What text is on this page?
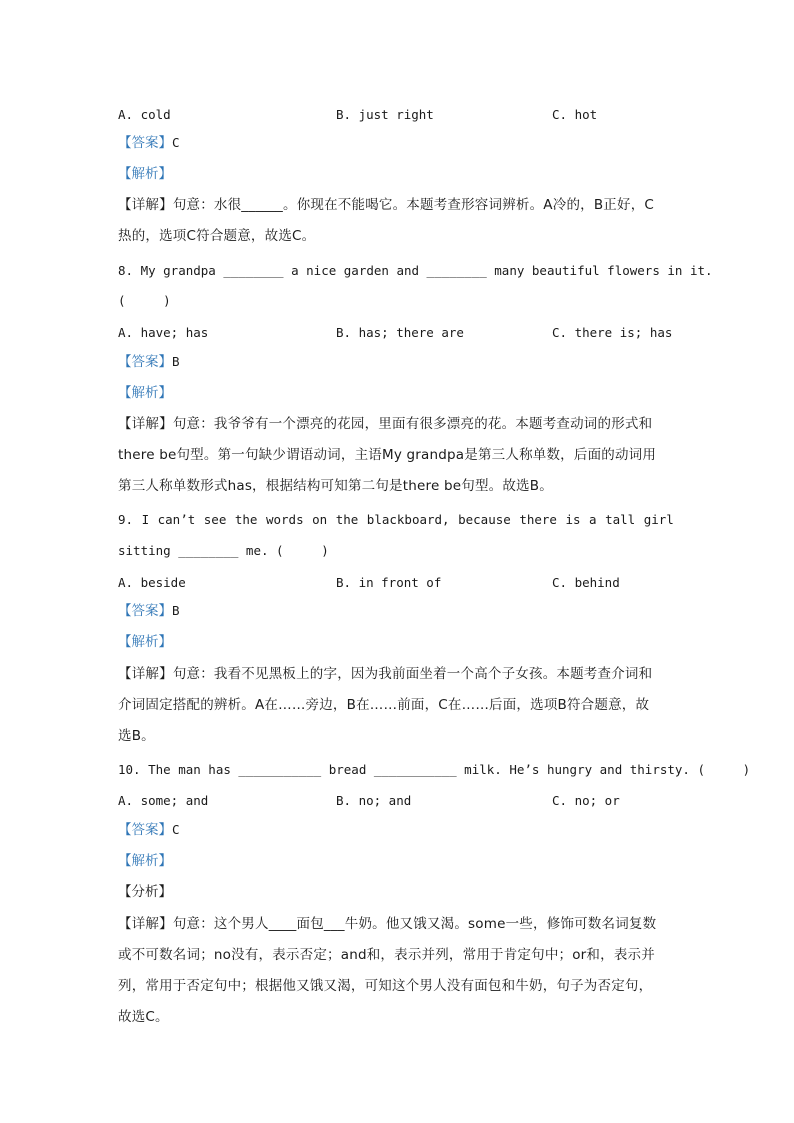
A. cold	B. just right	C. hot
【答案】C
【解析】
【详解】句意：水很______。你现在不能喝它。本题考查形容词辨析。A冷的，B正好，C
热的，选项C符合题意，故选C。
8. My grandpa ________ a nice garden and ________ many beautiful flowers in it.
(     )
A. have; has	B. has; there are	C. there is; has
【答案】B
【解析】
【详解】句意：我爷爷有一个漂亮的花园，里面有很多漂亮的花。本题考查动词的形式和
there be句型。第一句缺少谓语动词，主语My grandpa是第三人称单数，后面的动词用
第三人称单数形式has，根据结构可知第二句是there be句型。故选B。
9. I can’t see the words on the blackboard, because there is a tall girl
sitting ________ me. (     )
A. beside	B. in front of	C. behind
【答案】B
【解析】
【详解】句意：我看不见黑板上的字，因为我前面坐着一个高个子女孩。本题考查介词和
介词固定搭配的辨析。A在……旁边，B在……前面，C在……后面，选项B符合题意，故
选B。
10. The man has ___________ bread ___________ milk. He’s hungry and thirsty. (     )
A. some; and	B. no; and	C. no; or
【答案】C
【解析】
【分析】
【详解】句意：这个男人____面包___牛奶。他又饿又渴。some一些，修饰可数名词复数
或不可数名词；no没有，表示否定；and和，表示并列，常用于肯定句中；or和，表示并
列，常用于否定句中；根据他又饿又渴，可知这个男人没有面包和牛奶，句子为否定句，
故选C。
